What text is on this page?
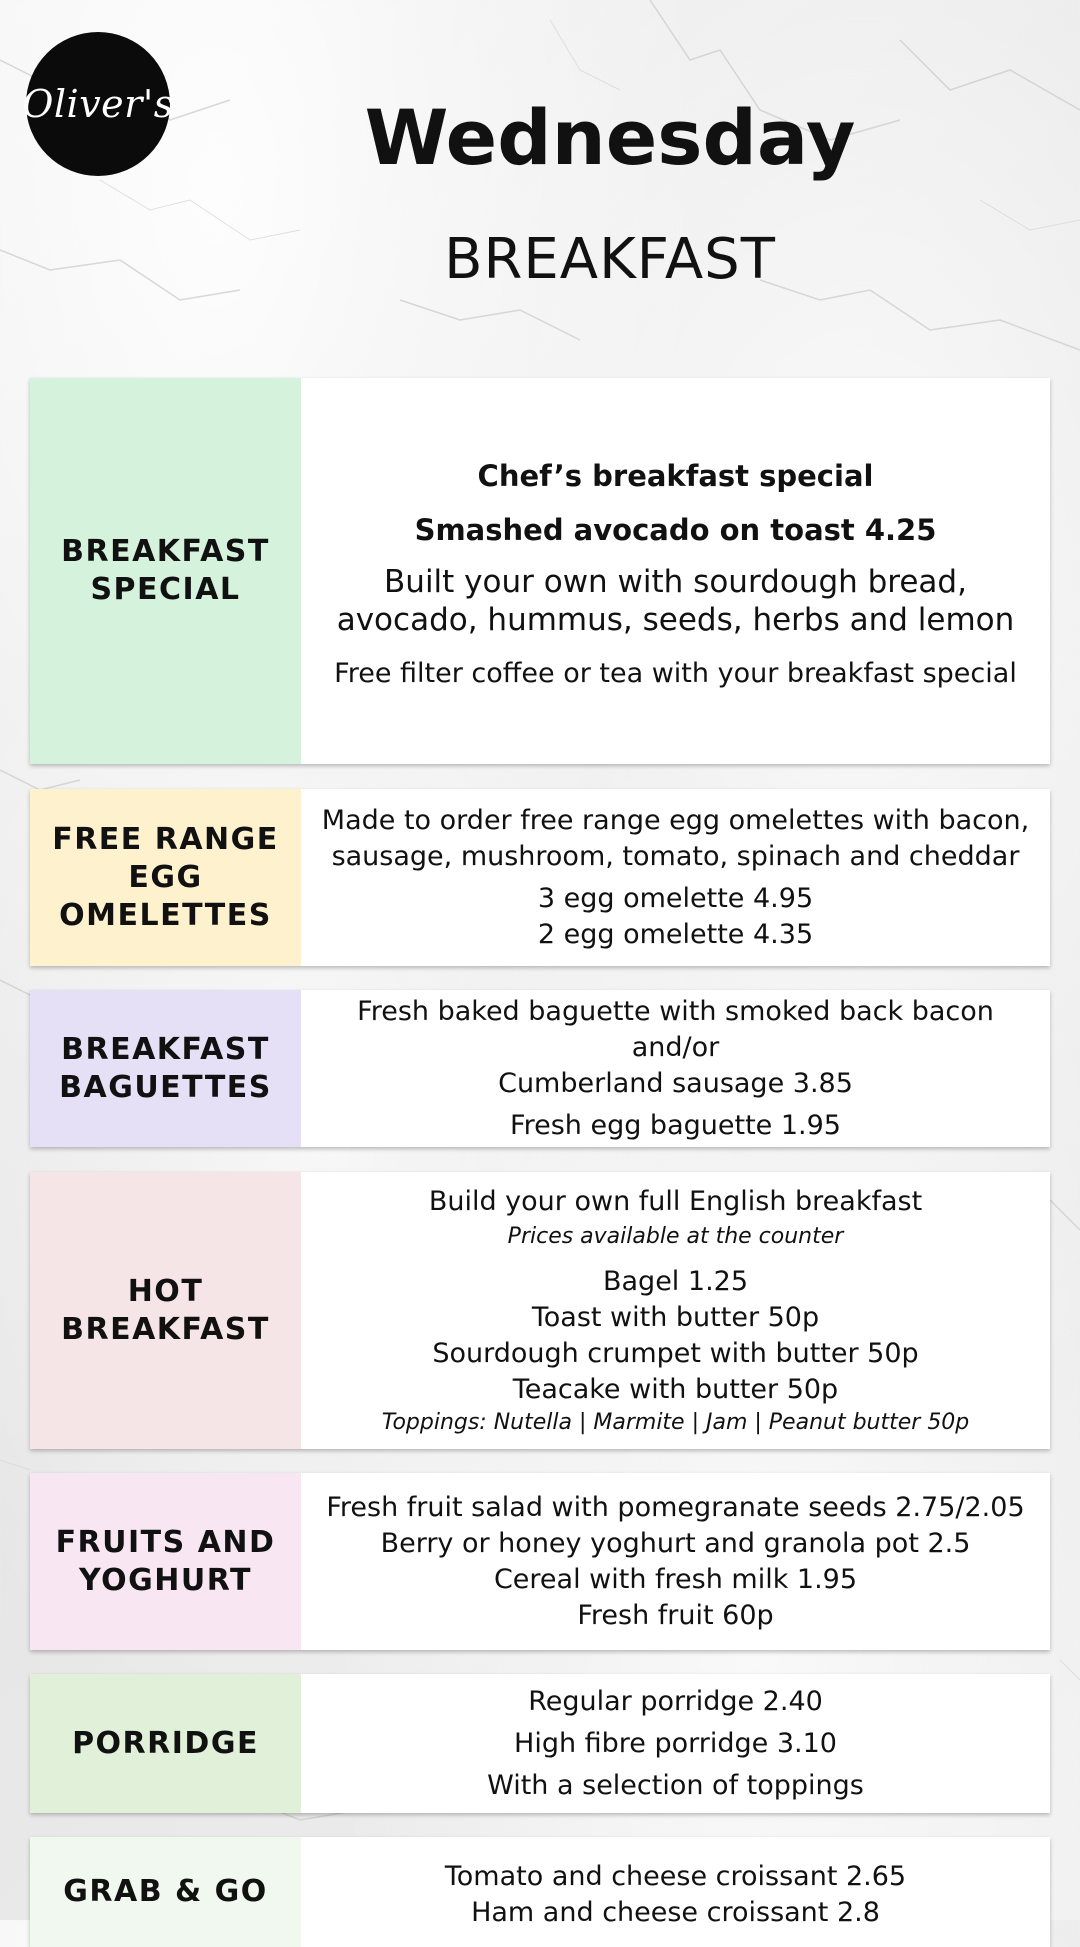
Oliver's	Wednesday
BREAKFAST
BREAKFAST
SPECIAL
Chef’s breakfast special
Smashed avocado on toast 4.25
Built your own with sourdough bread, avocado, hummus, seeds, herbs and lemon
Free filter coffee or tea with your breakfast special
FREE RANGE
EGG
OMELETTES
Made to order free range egg omelettes with bacon,
sausage, mushroom, tomato, spinach and cheddar
3 egg omelette 4.95
2 egg omelette 4.35
BREAKFAST
BAGUETTES
Fresh baked baguette with smoked back bacon and/or
Cumberland sausage 3.85
Fresh egg baguette 1.95
HOT
BREAKFAST
Build your own full English breakfast
Prices available at the counter
Bagel 1.25
Toast with butter 50p
Sourdough crumpet with butter 50p
Teacake with butter 50p
Toppings: Nutella | Marmite | Jam | Peanut butter 50p
FRUITS AND
YOGHURT
Fresh fruit salad with pomegranate seeds 2.75/2.05
Berry or honey yoghurt and granola pot 2.5
Cereal with fresh milk 1.95
Fresh fruit 60p
PORRIDGE
Regular porridge 2.40
High fibre porridge 3.10
With a selection of toppings
GRAB & GO	Tomato and cheese croissant 2.65
Ham and cheese croissant 2.8
